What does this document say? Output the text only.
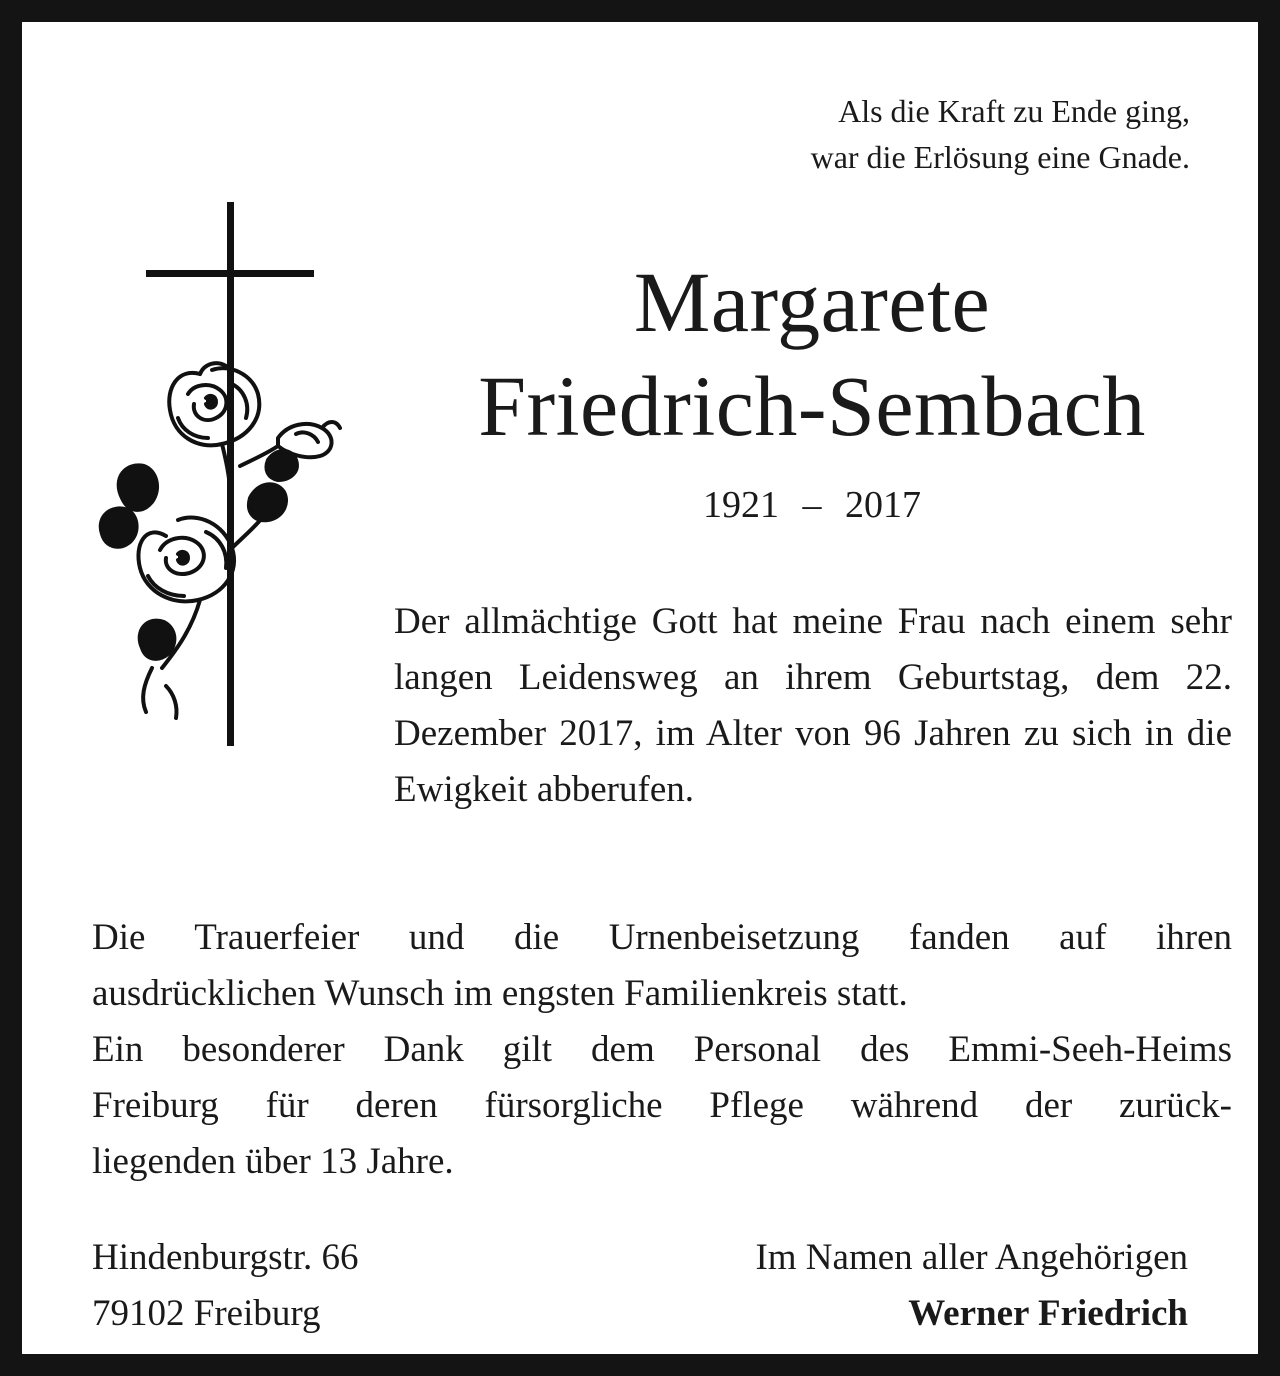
Als die Kraft zu Ende ging,
war die Erlösung eine Gnade.
Margarete
Friedrich-Sembach
1921 – 2017

Der allmächtige Gott hat meine Frau nach einem sehr langen Leidensweg an ihrem Geburtstag, dem 22. Dezember 2017, im Alter von 96 Jahren zu sich in die Ewigkeit abberufen.

Die Trauerfeier und die Urnenbeisetzung fanden auf ihren
ausdrücklichen Wunsch im engsten Familienkreis statt.
Ein besonderer Dank gilt dem Personal des Emmi-Seeh-Heims
Freiburg für deren fürsorgliche Pflege während der zurück-
liegenden über 13 Jahre.

Hindenburgstr. 66
79102 Freiburg
Im Namen aller Angehörigen
Werner Friedrich
